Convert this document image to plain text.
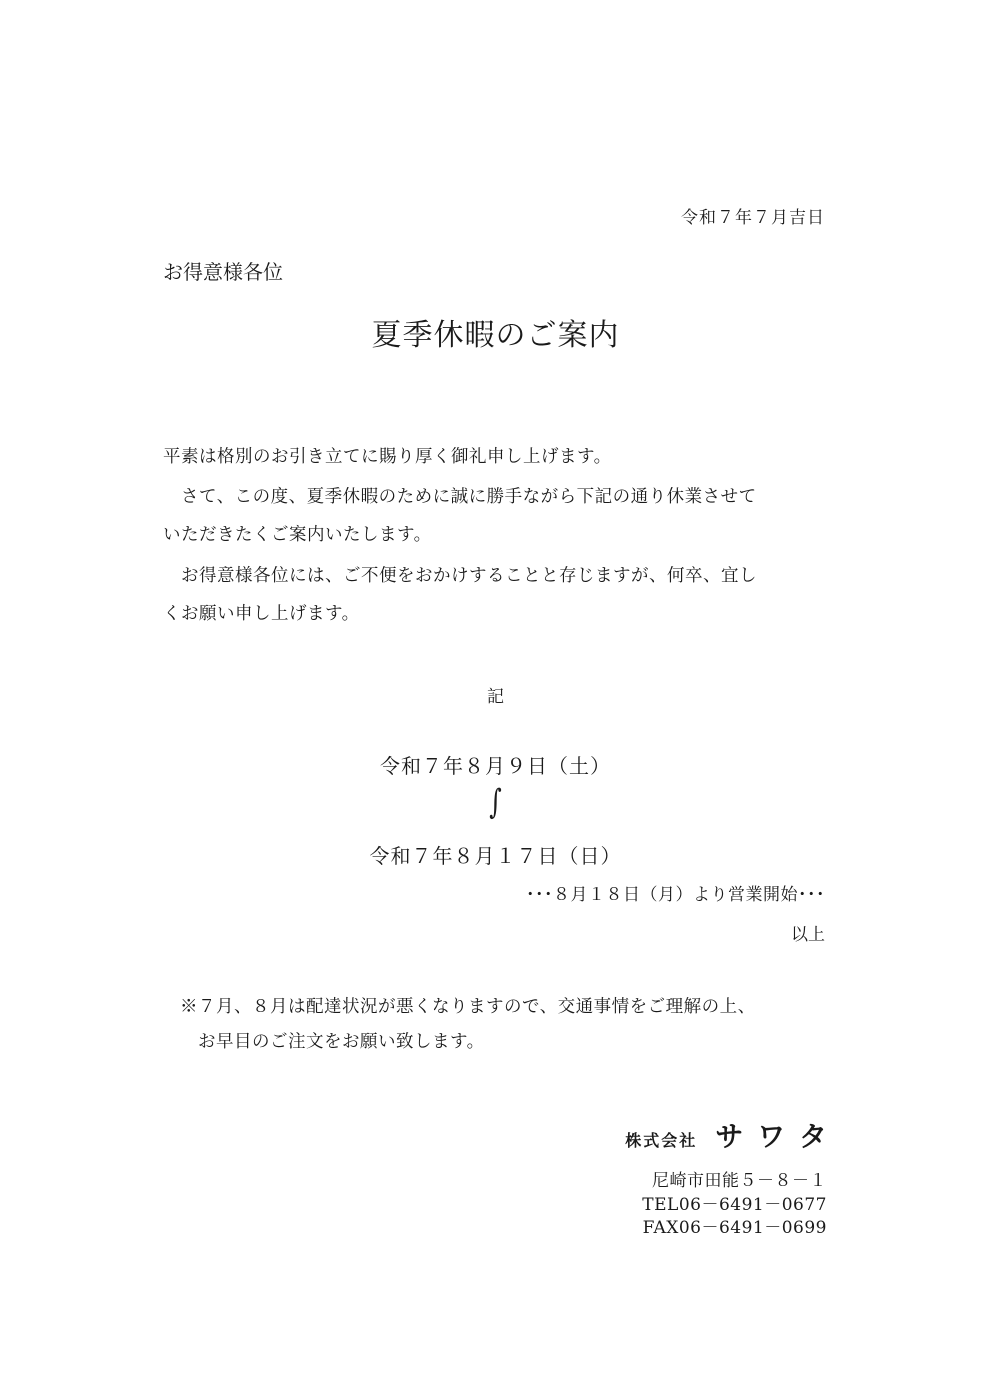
令和７年７月吉日
お得意様各位
夏季休暇のご案内
平素は格別のお引き立てに賜り厚く御礼申し上げます。
　さて、この度、夏季休暇のために誠に勝手ながら下記の通り休業させて
いただきたくご案内いたします。
　お得意様各位には、ご不便をおかけすることと存じますが、何卒、宜し
くお願い申し上げます。
記
令和７年８月９日（土）
∫
令和７年８月１７日（日）
･･･８月１８日（月）より営業開始･･･
以上
※７月、８月は配達状況が悪くなりますので、交通事情をご理解の上、
　お早目のご注文をお願い致します。
株式会社 サワタ
尼崎市田能５－８－１
TEL06－6491－0677
FAX06－6491－0699
